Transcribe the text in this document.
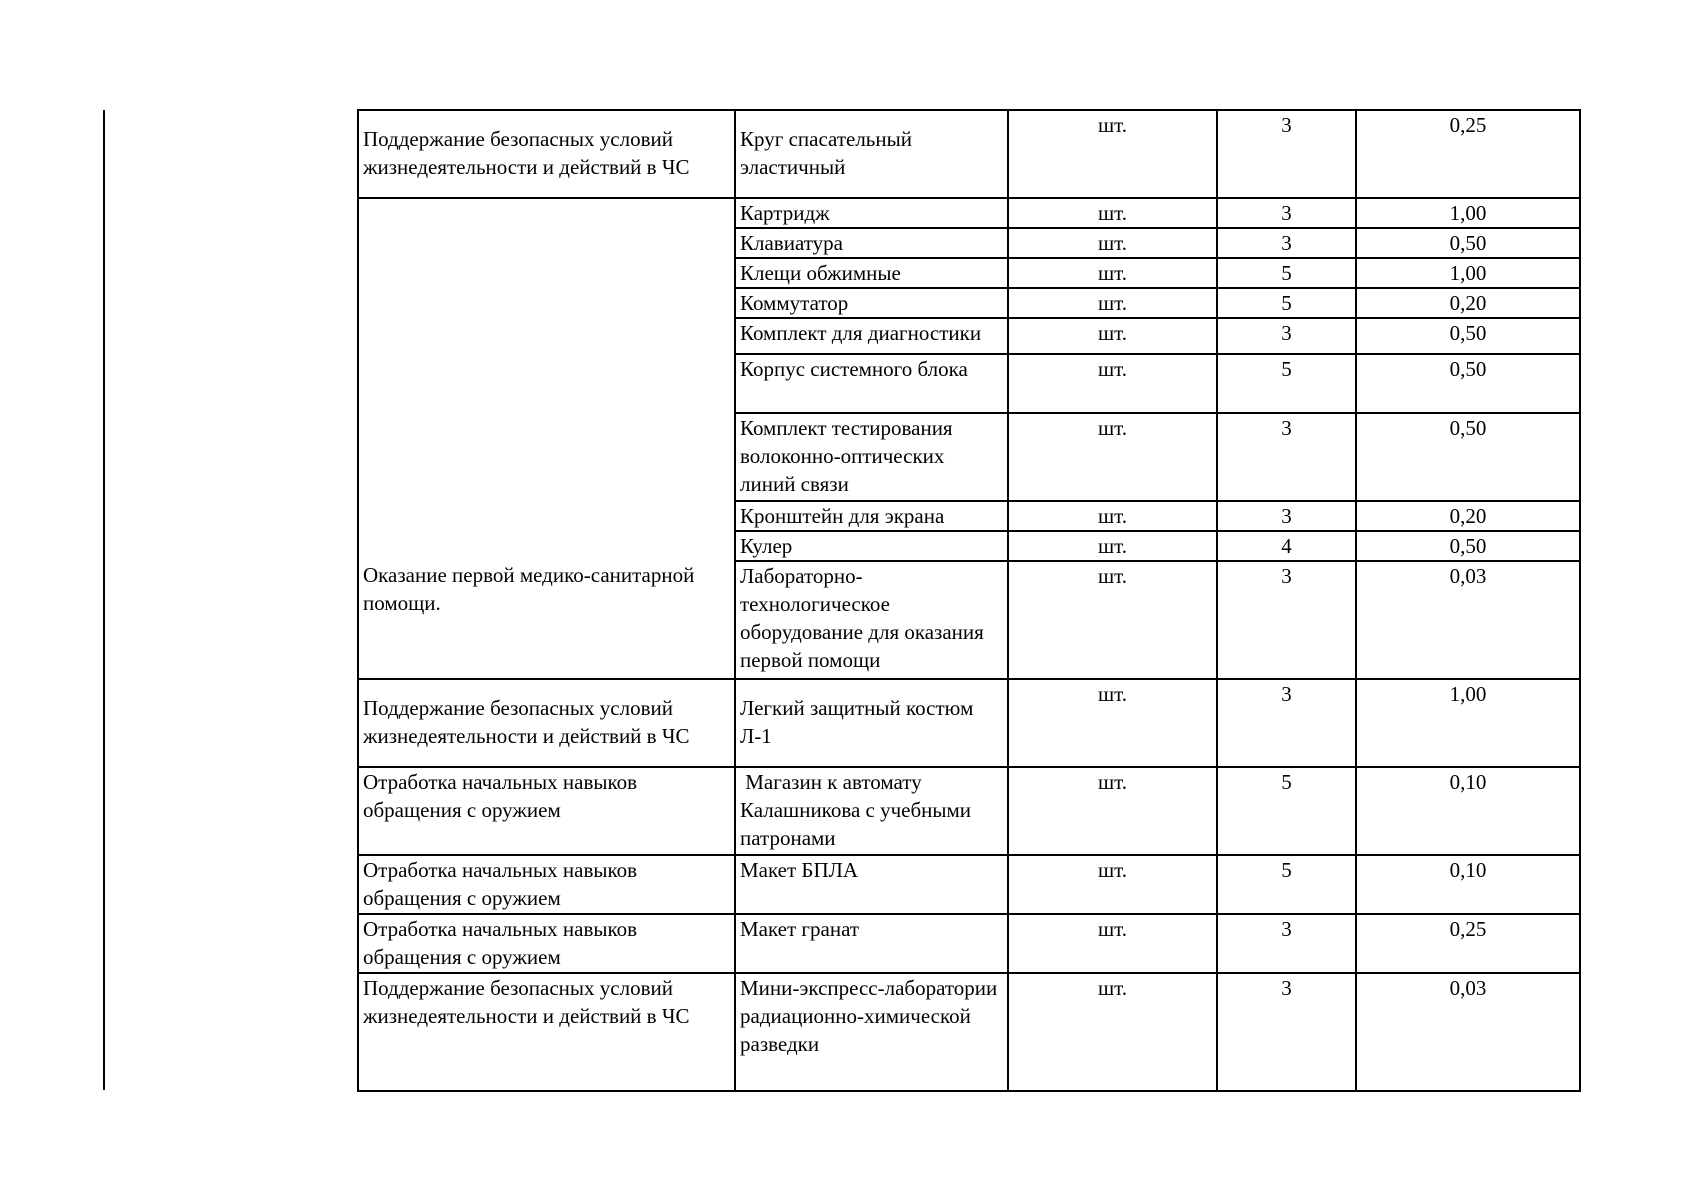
Поддержание безопасных условий жизнедеятельности и действий в ЧС	Круг спасательный эластичный	шт.	3	0,25

Оказание первой медико-санитарной помощи.	Картридж	шт.	3	1,00
	Клавиатура	шт.	3	0,50
	Клещи обжимные	шт.	5	1,00
	Коммутатор	шт.	5	0,20
	Комплект для диагностики	шт.	3	0,50
	Корпус системного блока	шт.	5	0,50
	Комплект тестирования волоконно-оптических линий связи	шт.	3	0,50
	Кронштейн для экрана	шт.	3	0,20
	Кулер	шт.	4	0,50
	Лабораторно-технологическое оборудование для оказания первой помощи	шт.	3	0,03
Поддержание безопасных условий жизнедеятельности и действий в ЧС	Легкий защитный костюм Л-1	шт.	3	1,00
Отработка начальных навыков обращения с оружием	Магазин к автомату Калашникова с учебными патронами	шт.	5	0,10
Отработка начальных навыков обращения с оружием	Макет БПЛА	шт.	5	0,10
Отработка начальных навыков обращения с оружием	Макет гранат	шт.	3	0,25
Поддержание безопасных условий жизнедеятельности и действий в ЧС	Мини-экспресс-лаборатории радиационно-химической разведки	шт.	3	0,03
